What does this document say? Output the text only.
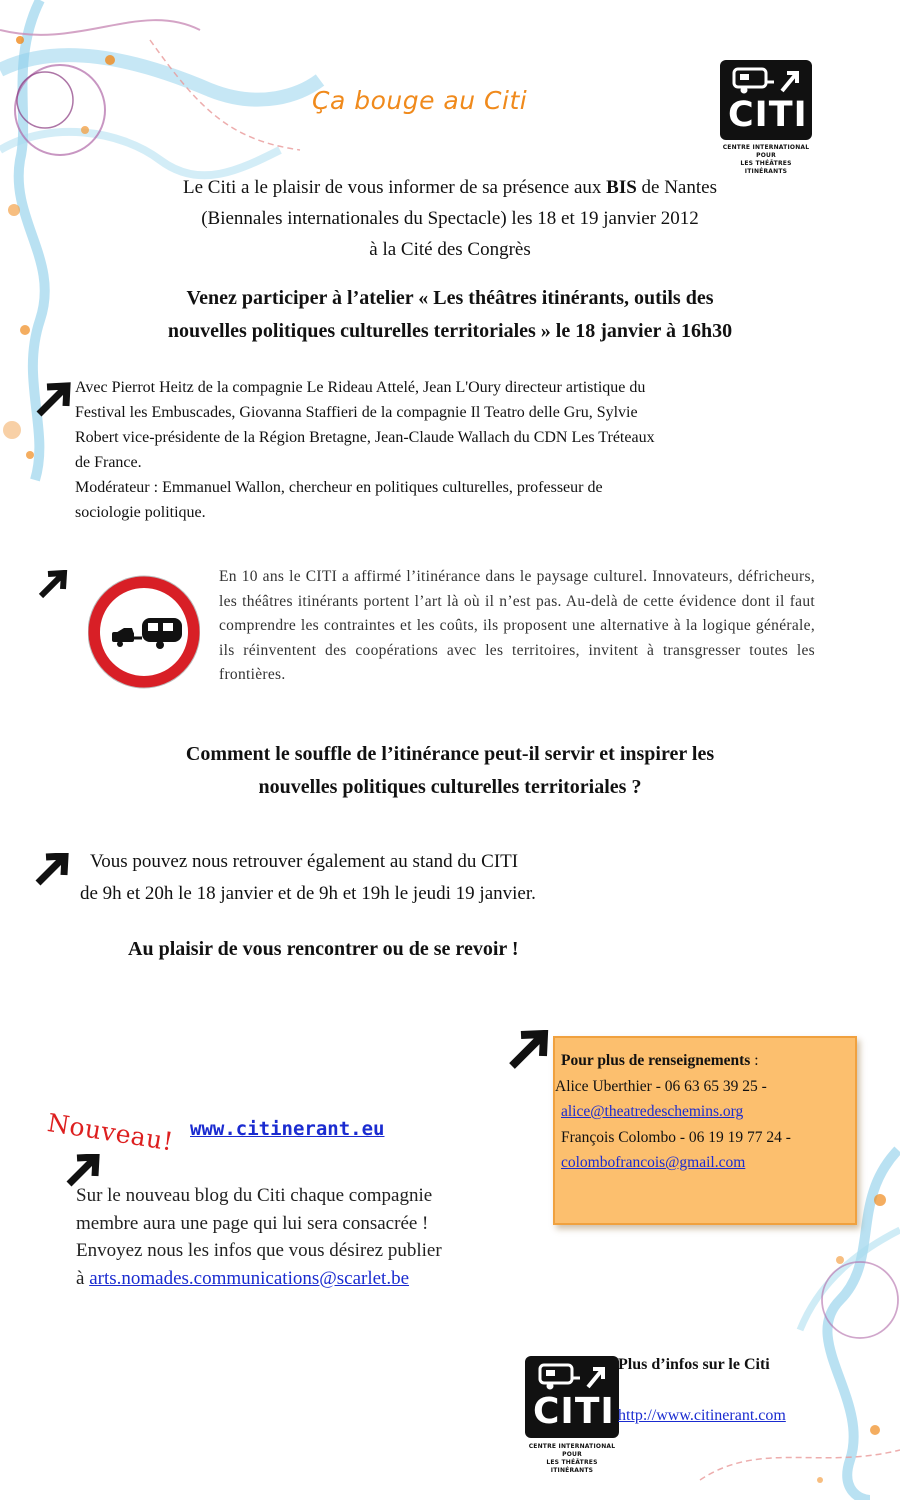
Ça bouge au Citi	CITI
CENTRE INTERNATIONAL POUR
LES THÉÂTRES ITINÉRANTS
Le Citi a le plaisir de vous informer de sa présence aux BIS de Nantes
(Biennales internationales du Spectacle) les 18 et 19 janvier 2012
à la Cité des Congrès
Venez participer à l’atelier « Les théâtres itinérants, outils des
nouvelles politiques culturelles territoriales » le 18 janvier à 16h30
Avec Pierrot Heitz de la compagnie Le Rideau Attelé, Jean L'Oury directeur artistique du
Festival les Embuscades, Giovanna Staffieri de la compagnie Il Teatro delle Gru, Sylvie
Robert vice-présidente de la Région Bretagne, Jean-Claude Wallach du CDN Les Tréteaux
de France.
Modérateur : Emmanuel Wallon, chercheur en politiques culturelles, professeur de
sociologie politique.
En 10 ans le CITI a affirmé l’itinérance dans le paysage culturel. Innovateurs, défricheurs, les théâtres itinérants portent l’art là où il n’est pas. Au-delà de cette évidence dont il faut comprendre les contraintes et les coûts, ils proposent une alternative à la logique générale, ils réinventent des coopérations avec les territoires, invitent à transgresser toutes les frontières.
Comment le souffle de l’itinérance peut-il servir et inspirer les
nouvelles politiques culturelles territoriales ?
Vous pouvez nous retrouver également au stand du CITI
de 9h et 20h le 18 janvier et de 9h et 19h le jeudi 19 janvier.
Au plaisir de vous rencontrer ou de se revoir !
Pour plus de renseignements :
Alice Uberthier - 06 63 65 39 25 -
alice@theatredeschemins.org
François Colombo - 06 19 19 77 24 -
colombofrancois@gmail.com
Nouveau! www.citinerant.eu
Sur le nouveau blog du Citi chaque compagnie
membre aura une page qui lui sera consacrée !
Envoyez nous les infos que vous désirez publier
à arts.nomades.communications@scarlet.be
CITI
CENTRE INTERNATIONAL POUR
LES THÉÂTRES ITINÉRANTS
Plus d’infos sur le Citi
http://www.citinerant.com
